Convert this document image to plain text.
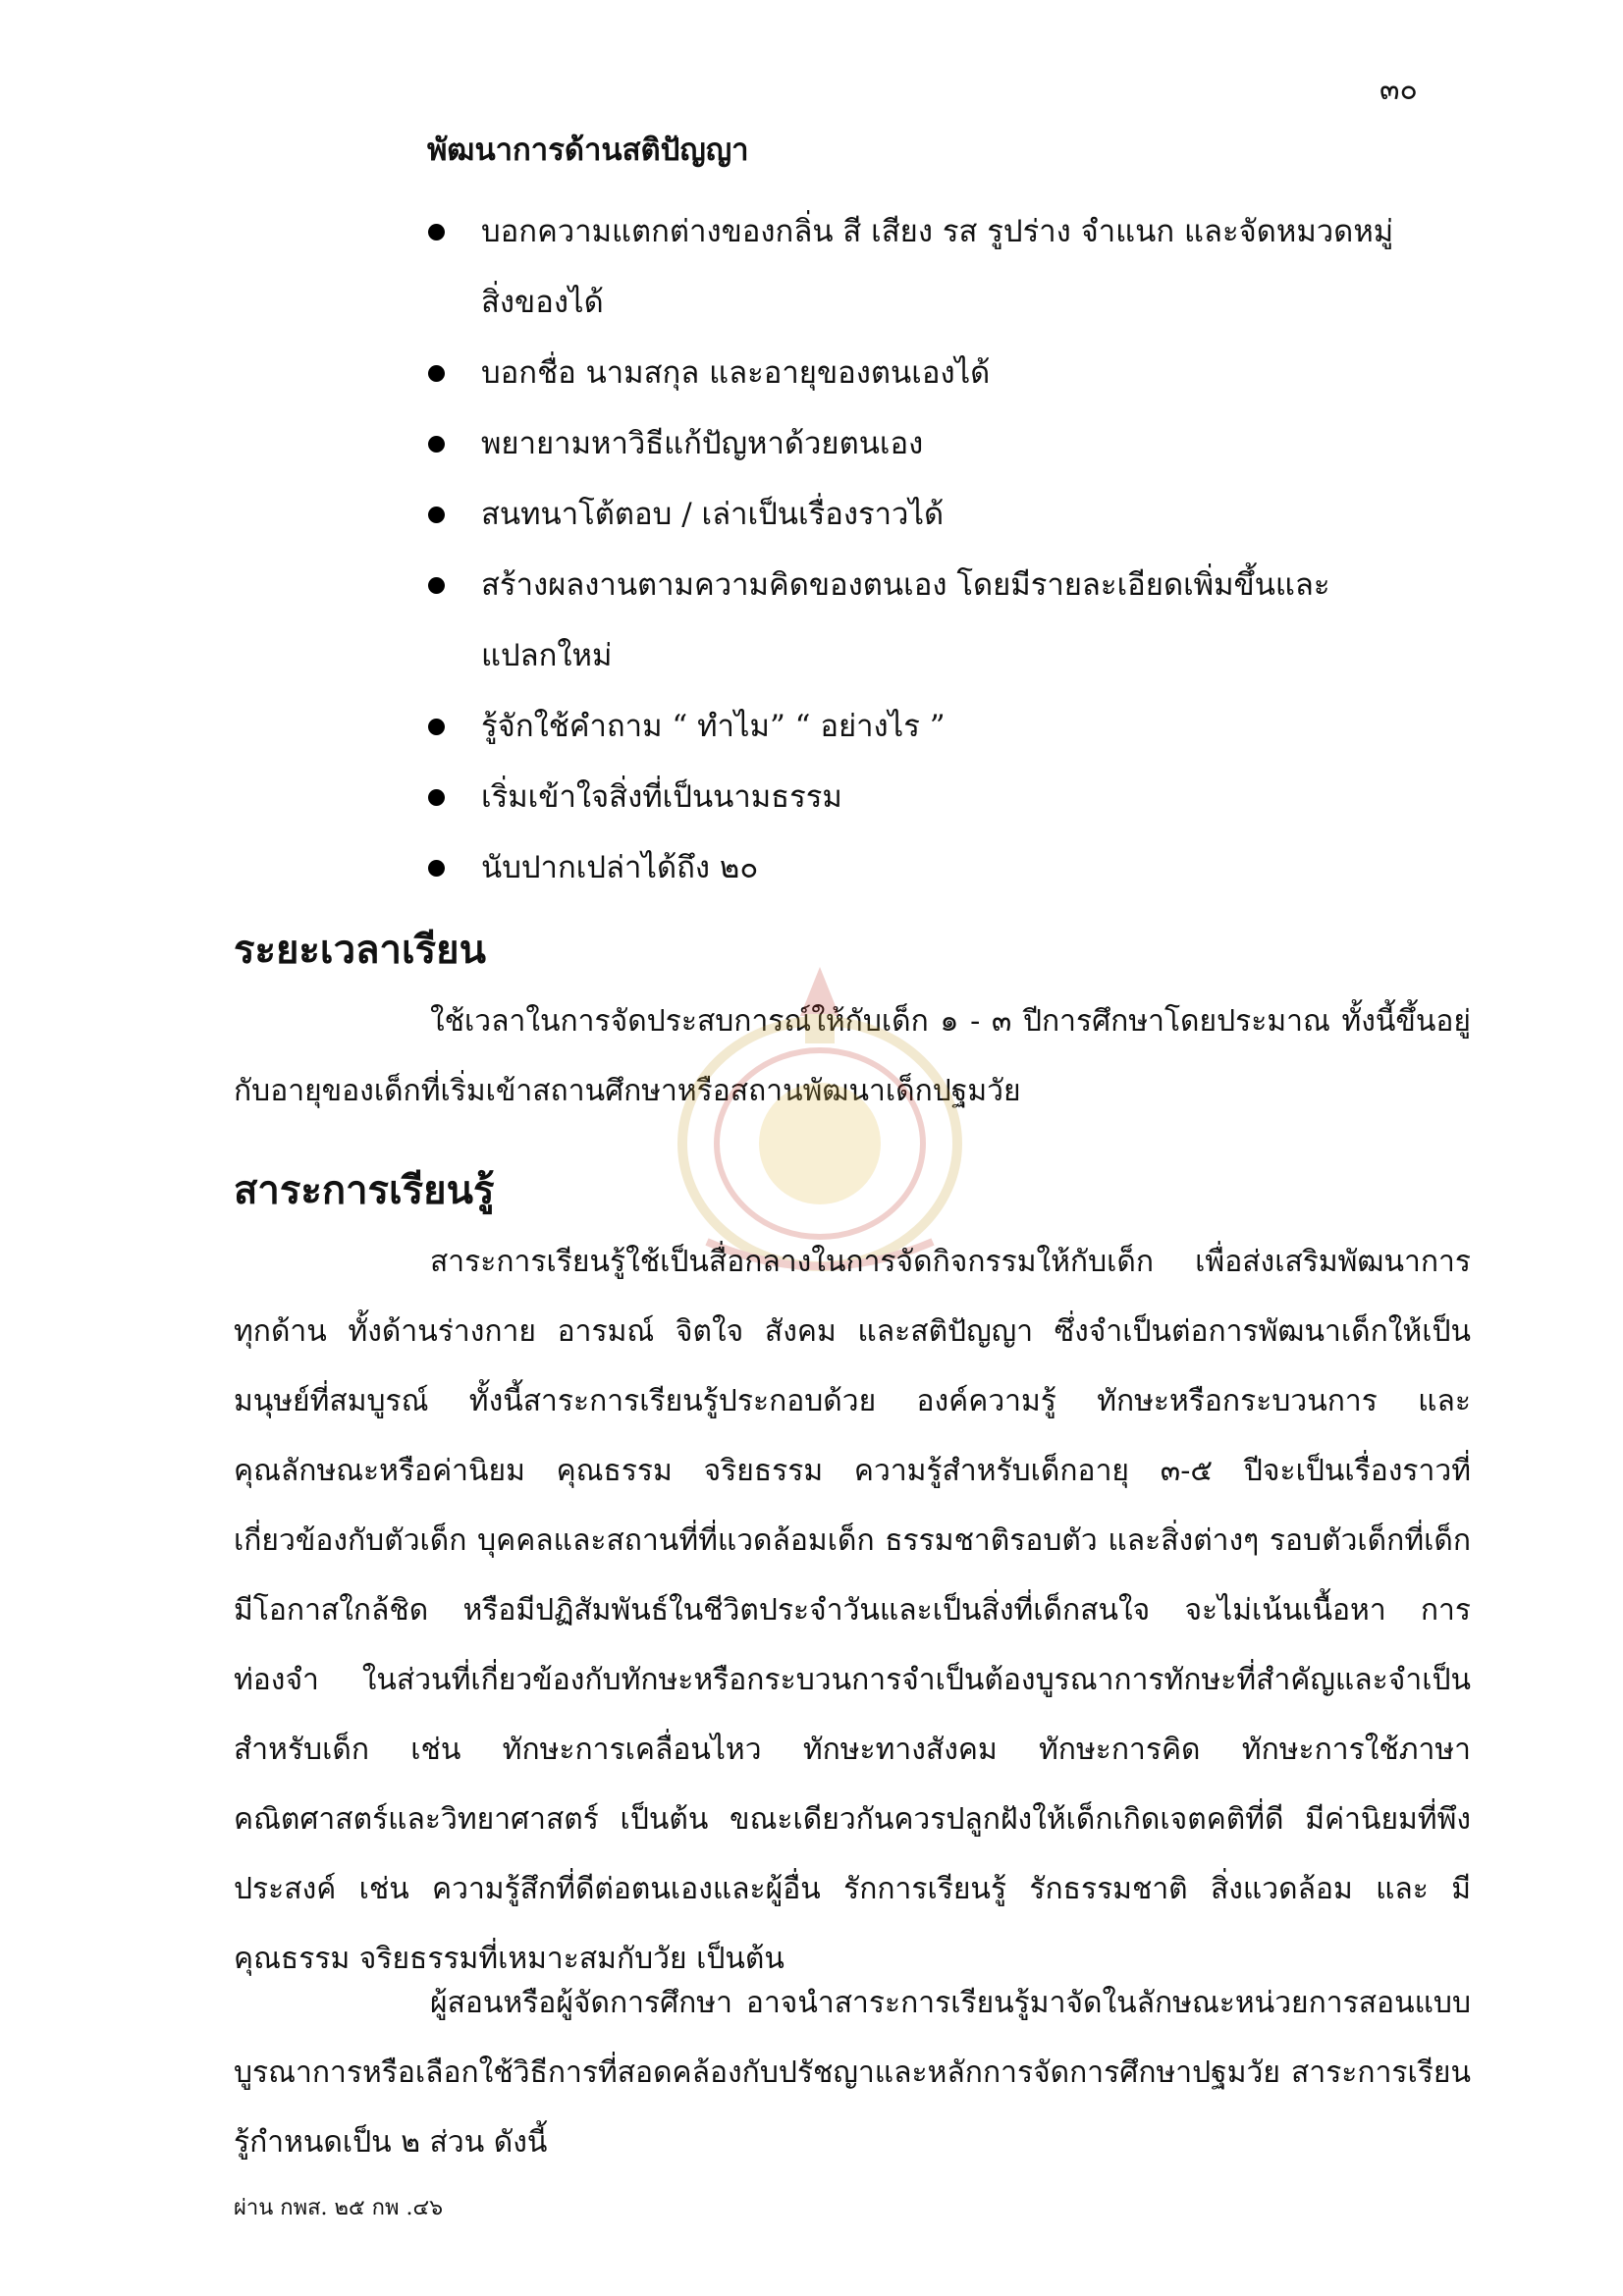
๓๐
พัฒนาการด้านสติปัญญา
บอกความแตกต่างของกลิ่น สี เสียง รส รูปร่าง จำแนก และจัดหมวดหมู่สิ่งของได้
บอกชื่อ นามสกุล และอายุของตนเองได้
พยายามหาวิธีแก้ปัญหาด้วยตนเอง
สนทนาโต้ตอบ / เล่าเป็นเรื่องราวได้
สร้างผลงานตามความคิดของตนเอง โดยมีรายละเอียดเพิ่มขึ้นและแปลกใหม่
รู้จักใช้คำถาม “ ทำไม” “ อย่างไร ”
เริ่มเข้าใจสิ่งที่เป็นนามธรรม
นับปากเปล่าได้ถึง ๒๐
ระยะเวลาเรียน

ใช้เวลาในการจัดประสบการณ์ให้กับเด็ก ๑ - ๓ ปีการศึกษาโดยประมาณ ทั้งนี้ขึ้นอยู่กับอายุของเด็กที่เริ่มเข้าสถานศึกษาหรือสถานพัฒนาเด็กปฐมวัย

สาระการเรียนรู้

สาระการเรียนรู้ใช้เป็นสื่อกลางในการจัดกิจกรรมให้กับเด็ก เพื่อส่งเสริมพัฒนาการทุกด้าน ทั้งด้านร่างกาย อารมณ์ จิตใจ สังคม และสติปัญญา ซึ่งจำเป็นต่อการพัฒนาเด็กให้เป็นมนุษย์ที่สมบูรณ์ ทั้งนี้สาระการเรียนรู้ประกอบด้วย องค์ความรู้ ทักษะหรือกระบวนการ และคุณลักษณะหรือค่านิยม คุณธรรม จริยธรรม ความรู้สำหรับเด็กอายุ ๓-๕ ปีจะเป็นเรื่องราวที่เกี่ยวข้องกับตัวเด็ก บุคคลและสถานที่ที่แวดล้อมเด็ก ธรรมชาติรอบตัว และสิ่งต่างๆ รอบตัวเด็กที่เด็กมีโอกาสใกล้ชิด หรือมีปฏิสัมพันธ์ในชีวิตประจำวันและเป็นสิ่งที่เด็กสนใจ จะไม่เน้นเนื้อหา การท่องจำ ในส่วนที่เกี่ยวข้องกับทักษะหรือกระบวนการจำเป็นต้องบูรณาการทักษะที่สำคัญและจำเป็นสำหรับเด็ก เช่น ทักษะการเคลื่อนไหว ทักษะทางสังคม ทักษะการคิด ทักษะการใช้ภาษา คณิตศาสตร์และวิทยาศาสตร์ เป็นต้น ขณะเดียวกันควรปลูกฝังให้เด็กเกิดเจตคติที่ดี มีค่านิยมที่พึงประสงค์ เช่น ความรู้สึกที่ดีต่อตนเองและผู้อื่น รักการเรียนรู้ รักธรรมชาติ สิ่งแวดล้อม และ มีคุณธรรม จริยธรรมที่เหมาะสมกับวัย เป็นต้น

ผู้สอนหรือผู้จัดการศึกษา อาจนำสาระการเรียนรู้มาจัดในลักษณะหน่วยการสอนแบบบูรณาการหรือเลือกใช้วิธีการที่สอดคล้องกับปรัชญาและหลักการจัดการศึกษาปฐมวัย สาระการเรียนรู้กำหนดเป็น ๒ ส่วน ดังนี้

ผ่าน กพส. ๒๕ กพ .๔๖
